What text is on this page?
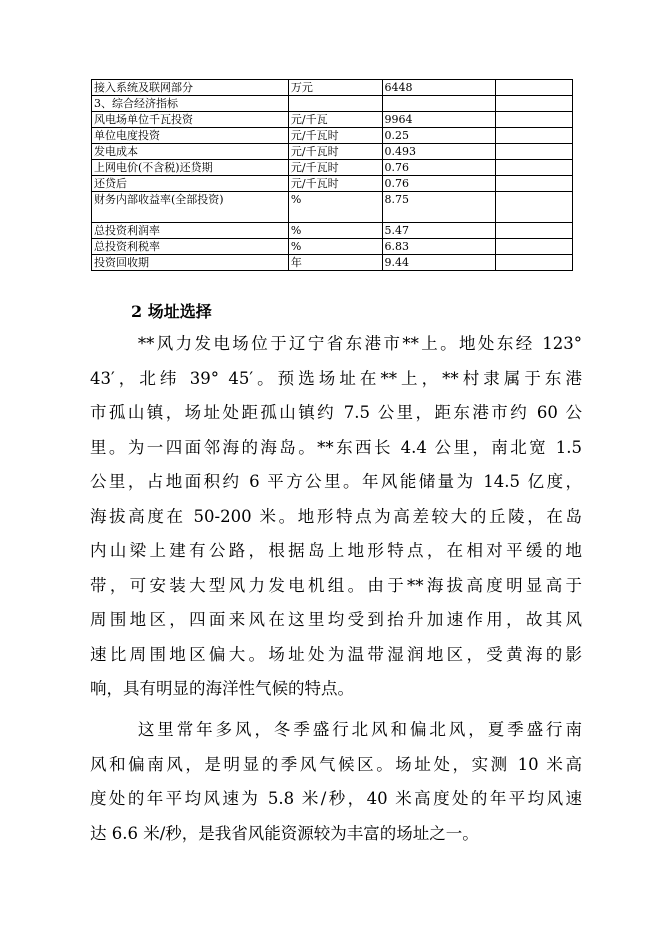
接入系统及联网部分	万元	6448	
3、综合经济指标			
风电场单位千瓦投资	元/千瓦	9964	
单位电度投资	元/千瓦时	0.25	
发电成本	元/千瓦时	0.493	
上网电价(不含税)还贷期	元/千瓦时	0.76	
还贷后	元/千瓦时	0.76	
财务内部收益率(全部投资)	%	8.75	
总投资利润率	%	5.47	
总投资利税率	%	6.83	
投资回收期	年	9.44	
2 场址选择
**风力发电场位于辽宁省东港市**上。地处东经 123°
43′，北纬 39° 45′。预选场址在**上，**村隶属于东港
市孤山镇，场址处距孤山镇约 7.5 公里，距东港市约 60 公
里。为一四面邻海的海岛。**东西长 4.4 公里，南北宽 1.5
公里，占地面积约 6 平方公里。年风能储量为 14.5 亿度，
海拔高度在 50-200 米。地形特点为高差较大的丘陵，在岛
内山梁上建有公路，根据岛上地形特点，在相对平缓的地
带，可安装大型风力发电机组。由于**海拔高度明显高于
周围地区，四面来风在这里均受到抬升加速作用，故其风
速比周围地区偏大。场址处为温带湿润地区，受黄海的影
响，具有明显的海洋性气候的特点。
这里常年多风，冬季盛行北风和偏北风，夏季盛行南
风和偏南风，是明显的季风气候区。场址处，实测 10 米高
度处的年平均风速为 5.8 米/秒，40 米高度处的年平均风速
达 6.6 米/秒，是我省风能资源较为丰富的场址之一。
